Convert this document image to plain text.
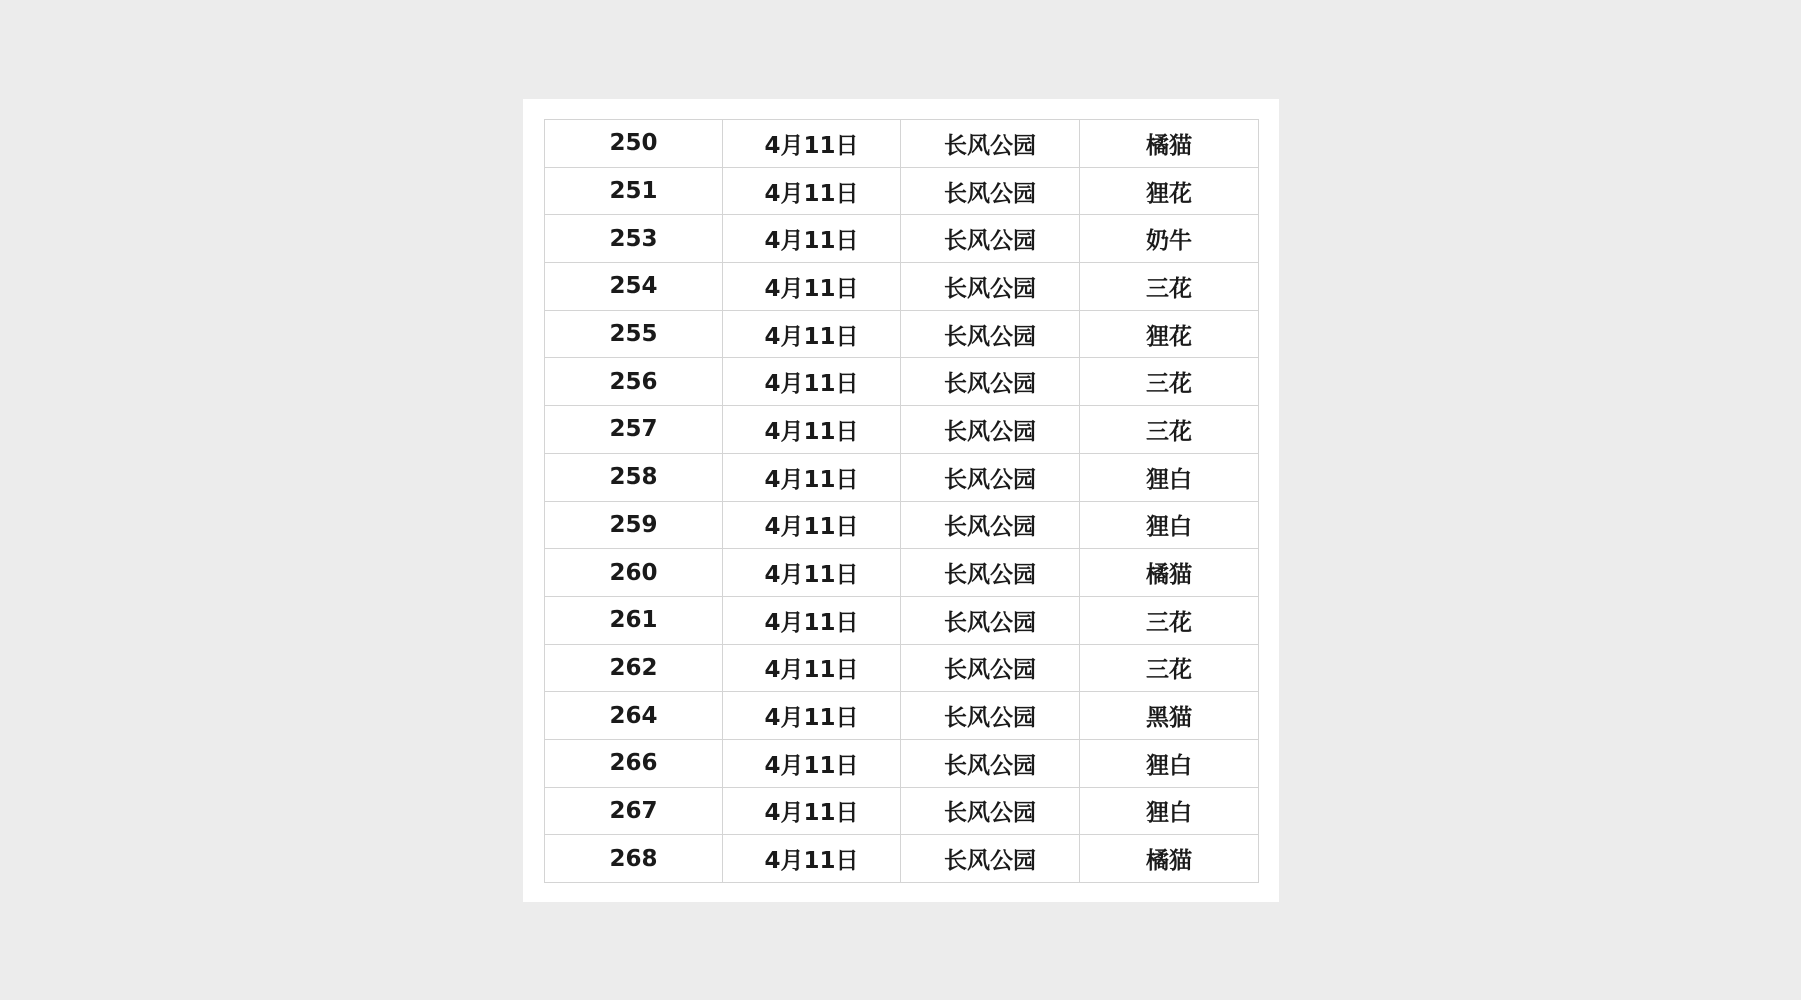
250	4月11日	长风公园	橘猫
251	4月11日	长风公园	狸花
253	4月11日	长风公园	奶牛
254	4月11日	长风公园	三花
255	4月11日	长风公园	狸花
256	4月11日	长风公园	三花
257	4月11日	长风公园	三花
258	4月11日	长风公园	狸白
259	4月11日	长风公园	狸白
260	4月11日	长风公园	橘猫
261	4月11日	长风公园	三花
262	4月11日	长风公园	三花
264	4月11日	长风公园	黑猫
266	4月11日	长风公园	狸白
267	4月11日	长风公园	狸白
268	4月11日	长风公园	橘猫
